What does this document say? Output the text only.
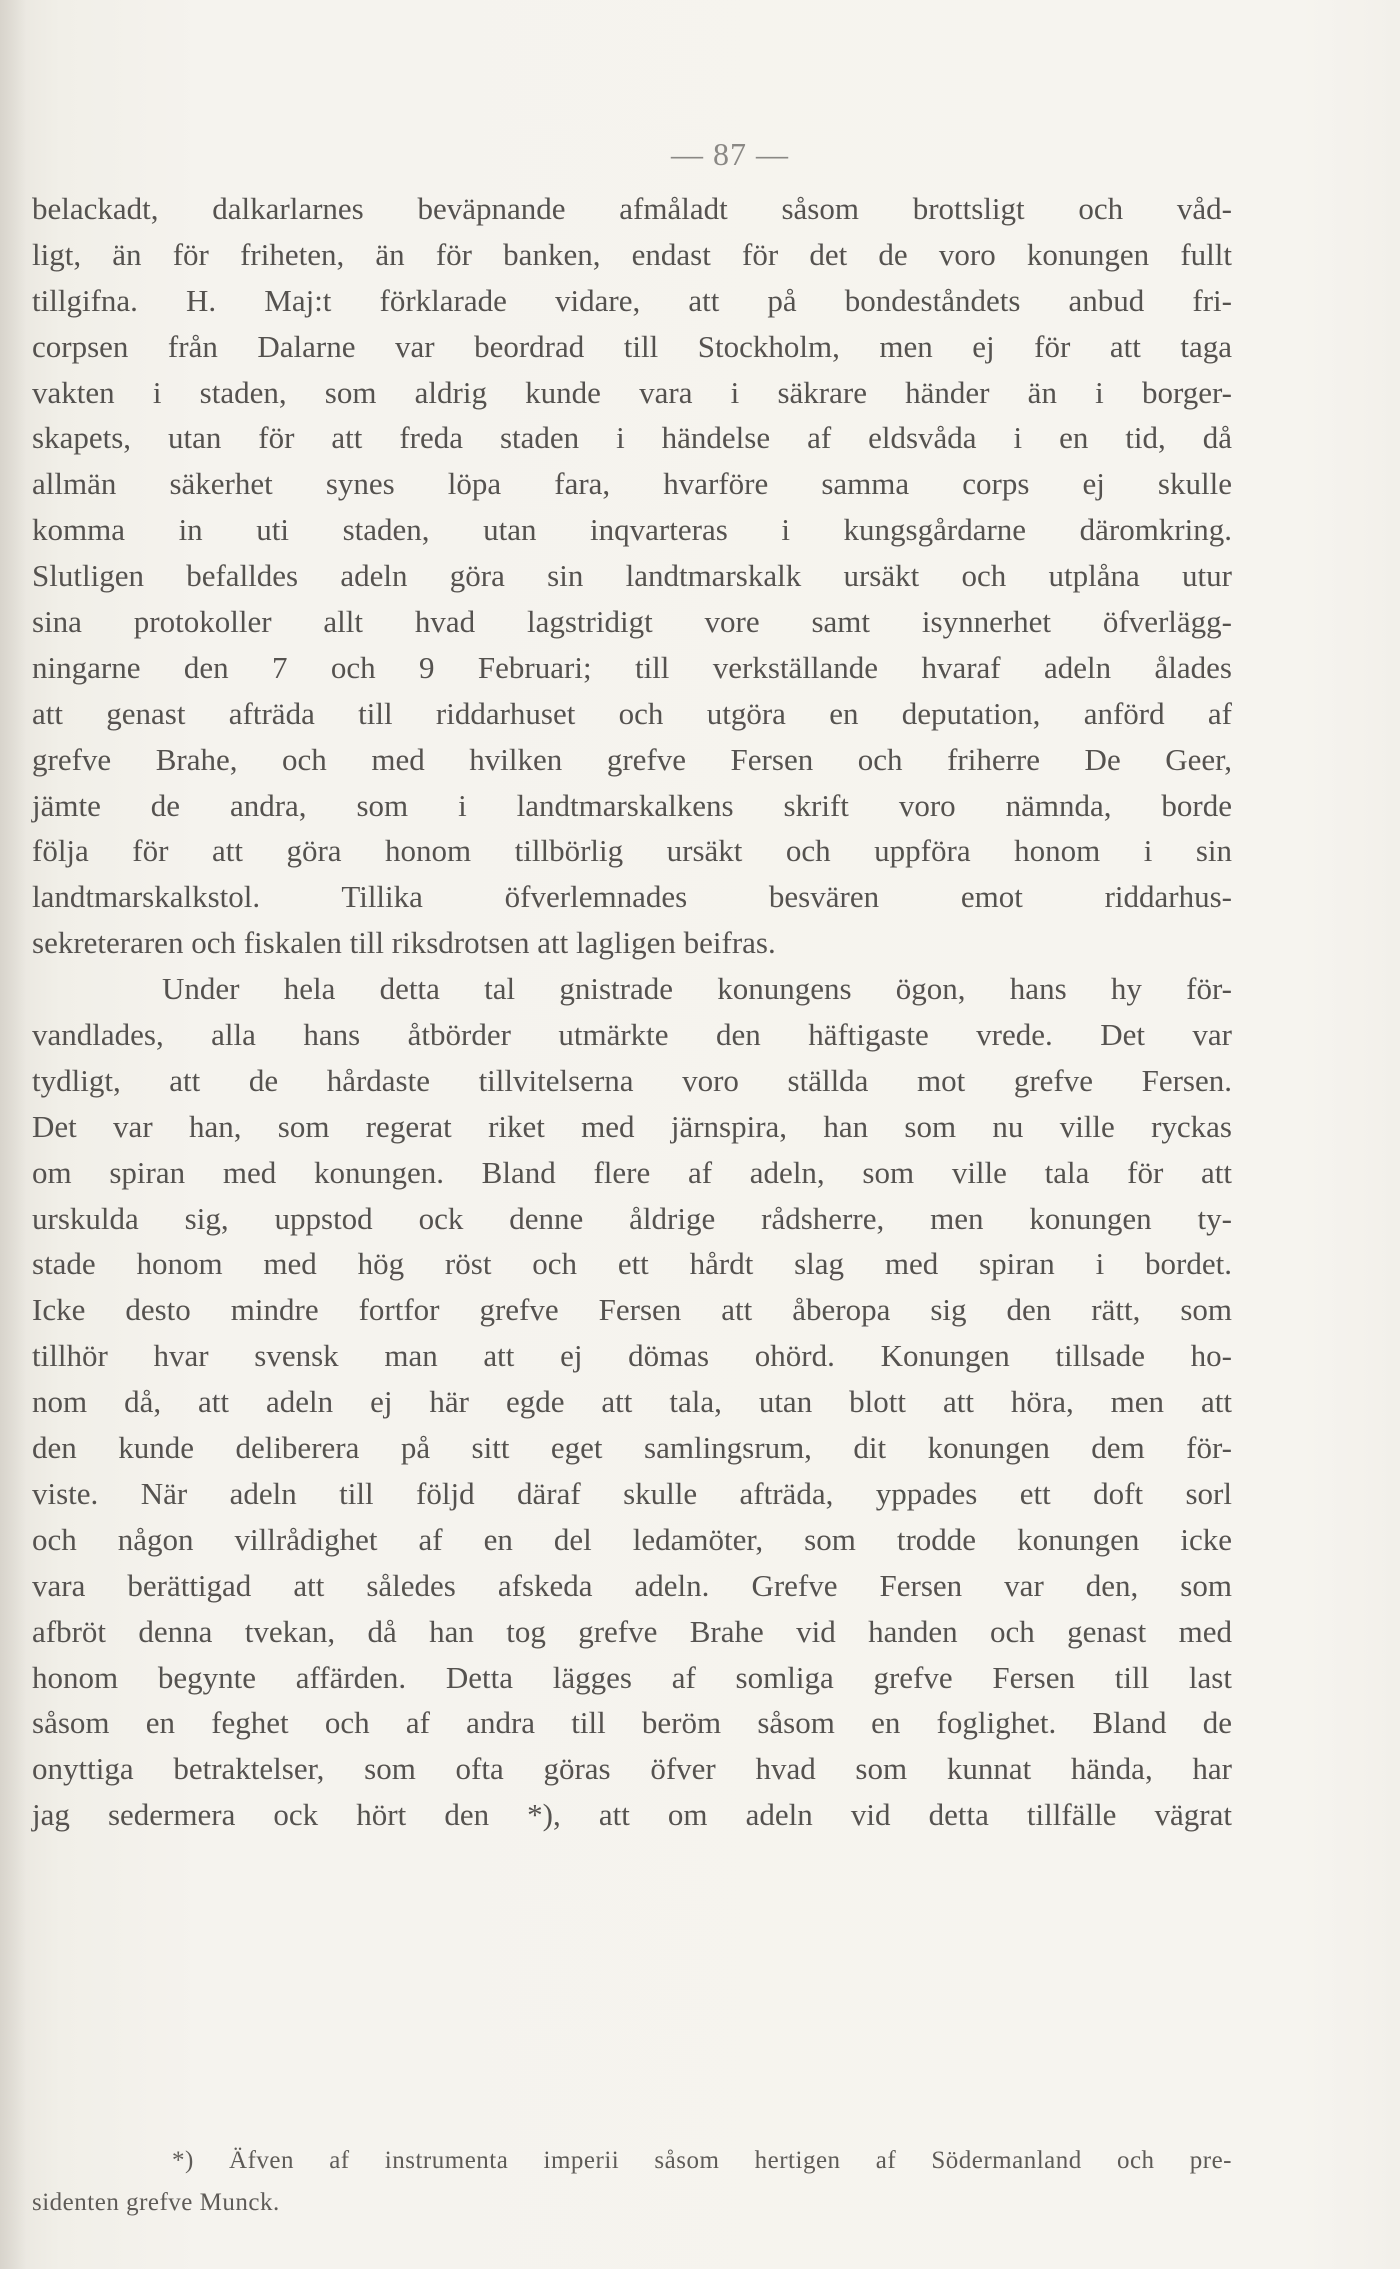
— 87 —
belackadt, dalkarlarnes beväpnande afmåladt såsom brottsligt och våd-
ligt, än för friheten, än för banken, endast för det de voro konungen fullt
tillgifna. H. Maj:t förklarade vidare, att på bondeståndets anbud fri-
corpsen från Dalarne var beordrad till Stockholm, men ej för att taga
vakten i staden, som aldrig kunde vara i säkrare händer än i borger-
skapets, utan för att freda staden i händelse af eldsvåda i en tid, då
allmän säkerhet synes löpa fara, hvarföre samma corps ej skulle
komma in uti staden, utan inqvarteras i kungsgårdarne däromkring.
Slutligen befalldes adeln göra sin landtmarskalk ursäkt och utplåna utur
sina protokoller allt hvad lagstridigt vore samt isynnerhet öfverlägg-
ningarne den 7 och 9 Februari; till verkställande hvaraf adeln ålades
att genast afträda till riddarhuset och utgöra en deputation, anförd af
grefve Brahe, och med hvilken grefve Fersen och friherre De Geer,
jämte de andra, som i landtmarskalkens skrift voro nämnda, borde
följa för att göra honom tillbörlig ursäkt och uppföra honom i sin
landtmarskalkstol. Tillika öfverlemnades besvären emot riddarhus-
sekreteraren och fiskalen till riksdrotsen att lagligen beifras.
Under hela detta tal gnistrade konungens ögon, hans hy för-
vandlades, alla hans åtbörder utmärkte den häftigaste vrede. Det var
tydligt, att de hårdaste tillvitelserna voro ställda mot grefve Fersen.
Det var han, som regerat riket med järnspira, han som nu ville ryckas
om spiran med konungen. Bland flere af adeln, som ville tala för att
urskulda sig, uppstod ock denne åldrige rådsherre, men konungen ty-
stade honom med hög röst och ett hårdt slag med spiran i bordet.
Icke desto mindre fortfor grefve Fersen att åberopa sig den rätt, som
tillhör hvar svensk man att ej dömas ohörd. Konungen tillsade ho-
nom då, att adeln ej här egde att tala, utan blott att höra, men att
den kunde deliberera på sitt eget samlingsrum, dit konungen dem för-
viste. När adeln till följd däraf skulle afträda, yppades ett doft sorl
och någon villrådighet af en del ledamöter, som trodde konungen icke
vara berättigad att således afskeda adeln. Grefve Fersen var den, som
afbröt denna tvekan, då han tog grefve Brahe vid handen och genast med
honom begynte affärden. Detta lägges af somliga grefve Fersen till last
såsom en feghet och af andra till beröm såsom en foglighet. Bland de
onyttiga betraktelser, som ofta göras öfver hvad som kunnat hända, har
jag sedermera ock hört den *), att om adeln vid detta tillfälle vägrat
*) Äfven af instrumenta imperii såsom hertigen af Södermanland och pre-
sidenten grefve Munck.
